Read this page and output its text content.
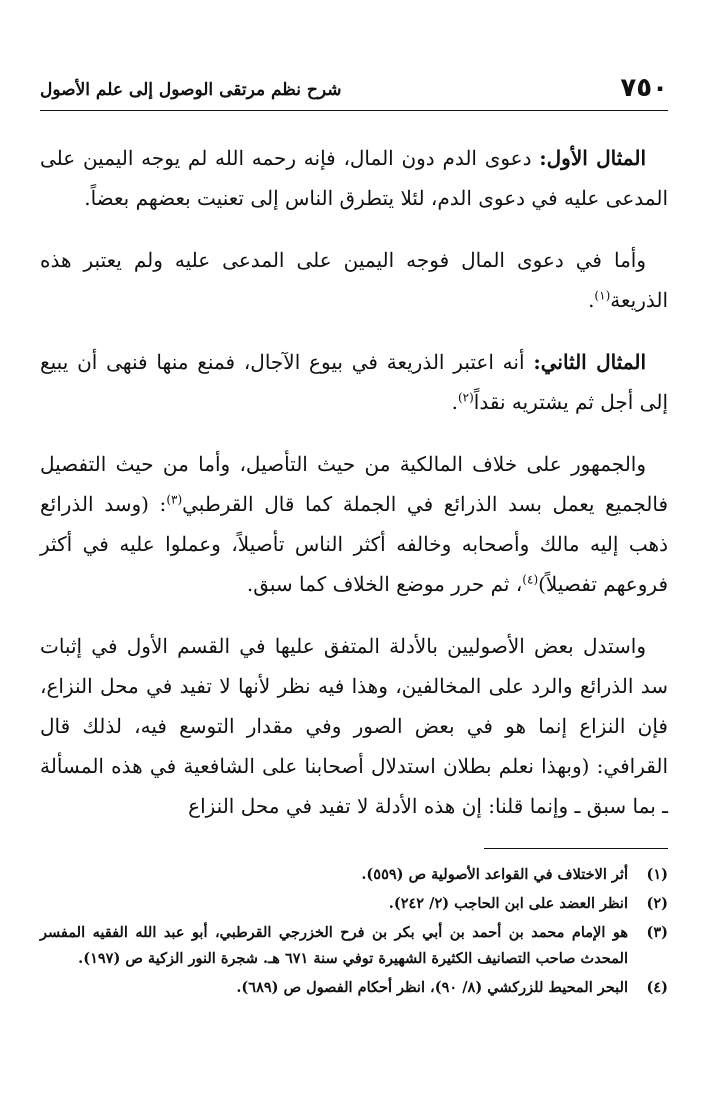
٧٥٠
شرح نظم مرتقى الوصول إلى علم الأصول

المثال الأول: دعوى الدم دون المال، فإنه رحمه الله لم يوجه اليمين على المدعى عليه في دعوى الدم، لئلا يتطرق الناس إلى تعنيت بعضهم بعضاً.

وأما في دعوى المال فوجه اليمين على المدعى عليه ولم يعتبر هذه الذريعة$^{(١)}$.

المثال الثاني: أنه اعتبر الذريعة في بيوع الآجال، فمنع منها فنهى أن يبيع إلى أجل ثم يشتريه نقداً$^{(٢)}$.

والجمهور على خلاف المالكية من حيث التأصيل، وأما من حيث التفصيل فالجميع يعمل بسد الذرائع في الجملة كما قال القرطبي$^{(٣)}$: (وسد الذرائع ذهب إليه مالك وأصحابه وخالفه أكثر الناس تأصيلاً، وعملوا عليه في أكثر فروعهم تفصيلاً)$^{(٤)}$، ثم حرر موضع الخلاف كما سبق.

واستدل بعض الأصوليين بالأدلة المتفق عليها في القسم الأول في إثبات سد الذرائع والرد على المخالفين، وهذا فيه نظر لأنها لا تفيد في محل النزاع، فإن النزاع إنما هو في بعض الصور وفي مقدار التوسع فيه، لذلك قال القرافي: (وبهذا نعلم بطلان استدلال أصحابنا على الشافعية في هذه المسألة ـ بما سبق ـ وإنما قلنا: إن هذه الأدلة لا تفيد في محل النزاع

(١)
أثر الاختلاف في القواعد الأصولية ص (٥٥٩).
(٢)
انظر العضد على ابن الحاجب (٢/ ٢٤٢).
(٣)
هو الإمام محمد بن أحمد بن أبي بكر بن فرح الخزرجي القرطبي، أبو عبد الله الفقيه المفسر المحدث صاحب التصانيف الكثيرة الشهيرة توفي سنة ٦٧١ هـ. شجرة النور الزكية ص (١٩٧).
(٤)
البحر المحيط للزركشي (٨/ ٩٠)، انظر أحكام الفصول ص (٦٨٩).
